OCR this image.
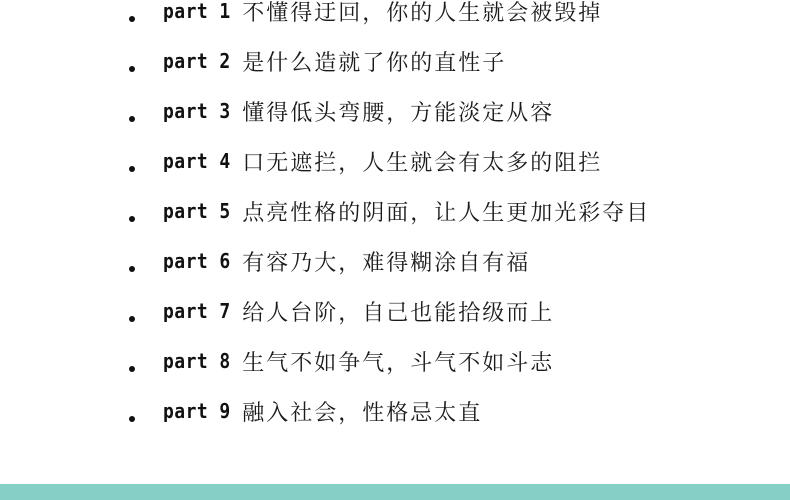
part 1 不懂得迂回，你的人生就会被毁掉
part 2 是什么造就了你的直性子
part 3 懂得低头弯腰，方能淡定从容
part 4 口无遮拦，人生就会有太多的阻拦
part 5 点亮性格的阴面，让人生更加光彩夺目
part 6 有容乃大，难得糊涂自有福
part 7 给人台阶，自己也能拾级而上
part 8 生气不如争气，斗气不如斗志
part 9 融入社会，性格忌太直
